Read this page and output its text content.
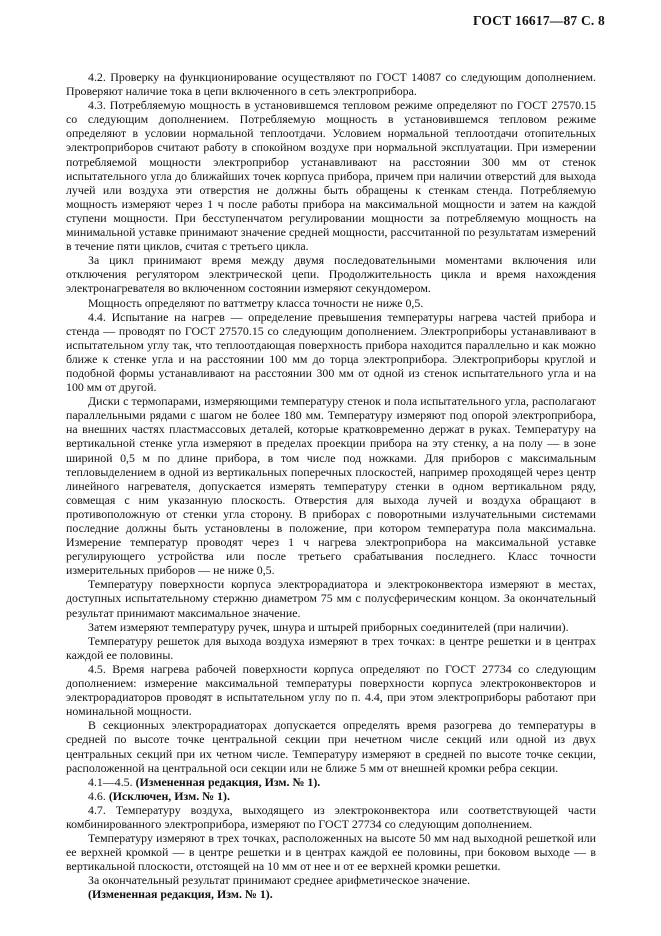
ГОСТ 16617—87 С. 8

4.2. Проверку на функционирование осуществляют по ГОСТ 14087 со следующим дополнением. Проверяют наличие тока в цепи включенного в сеть электроприбора.

4.3. Потребляемую мощность в установившемся тепловом режиме определяют по ГОСТ 27570.15 со следующим дополнением. Потребляемую мощность в установившемся тепловом режиме определяют в условии нормальной теплоотдачи. Условием нормальной теплоотдачи отопительных электроприборов считают работу в спокойном воздухе при нормальной эксплуатации. При измерении потребляемой мощности электроприбор устанавливают на расстоянии 300 мм от стенок испытательного угла до ближайших точек корпуса прибора, причем при наличии отверстий для выхода лучей или воздуха эти отверстия не должны быть обращены к стенкам стенда. Потребляемую мощность измеряют через 1 ч после работы прибора на максимальной мощности и затем на каждой ступени мощности. При бесступенчатом регулировании мощности за потребляемую мощность на минимальной уставке принимают значение средней мощности, рассчитанной по результатам измерений в течение пяти циклов, считая с третьего цикла.

За цикл принимают время между двумя последовательными моментами включения или отключения регулятором электрической цепи. Продолжительность цикла и время нахождения электронагревателя во включенном состоянии измеряют секундомером.

Мощность определяют по ваттметру класса точности не ниже 0,5.

4.4. Испытание на нагрев — определение превышения температуры нагрева частей прибора и стенда — проводят по ГОСТ 27570.15 со следующим дополнением. Электроприборы устанавливают в испытательном углу так, что теплоотдающая поверхность прибора находится параллельно и как можно ближе к стенке угла и на расстоянии 100 мм до торца электроприбора. Электроприборы круглой и подобной формы устанавливают на расстоянии 300 мм от одной из стенок испытательного угла и на 100 мм от другой.

Диски с термопарами, измеряющими температуру стенок и пола испытательного угла, располагают параллельными рядами с шагом не более 180 мм. Температуру измеряют под опорой электроприбора, на внешних частях пластмассовых деталей, которые кратковременно держат в руках. Температуру на вертикальной стенке угла измеряют в пределах проекции прибора на эту стенку, а на полу — в зоне шириной 0,5 м по длине прибора, в том числе под ножками. Для приборов с максимальным тепловыделением в одной из вертикальных поперечных плоскостей, например проходящей через центр линейного нагревателя, допускается измерять температуру стенки в одном вертикальном ряду, совмещая с ним указанную плоскость. Отверстия для выхода лучей и воздуха обращают в противоположную от стенки угла сторону. В приборах с поворотными излучательными системами последние должны быть установлены в положение, при котором температура пола максимальна. Измерение температур проводят через 1 ч нагрева электроприбора на максимальной уставке регулирующего устройства или после третьего срабатывания последнего. Класс точности измерительных приборов — не ниже 0,5.

Температуру поверхности корпуса электрорадиатора и электроконвектора измеряют в местах, доступных испытательному стержню диаметром 75 мм с полусферическим концом. За окончательный результат принимают максимальное значение.

Затем измеряют температуру ручек, шнура и штырей приборных соединителей (при наличии).

Температуру решеток для выхода воздуха измеряют в трех точках: в центре решетки и в центрах каждой ее половины.

4.5. Время нагрева рабочей поверхности корпуса определяют по ГОСТ 27734 со следующим дополнением: измерение максимальной температуры поверхности корпуса электроконвекторов и электрорадиаторов проводят в испытательном углу по п. 4.4, при этом электроприборы работают при номинальной мощности.

В секционных электрорадиаторах допускается определять время разогрева до температуры в средней по высоте точке центральной секции при нечетном числе секций или одной из двух центральных секций при их четном числе. Температуру измеряют в средней по высоте точке секции, расположенной на центральной оси секции или не ближе 5 мм от внешней кромки ребра секции.

4.1—4.5. (Измененная редакция, Изм. № 1).

4.6. (Исключен, Изм. № 1).

4.7. Температуру воздуха, выходящего из электроконвектора или соответствующей части комбинированного электроприбора, измеряют по ГОСТ 27734 со следующим дополнением.

Температуру измеряют в трех точках, расположенных на высоте 50 мм над выходной решеткой или ее верхней кромкой — в центре решетки и в центрах каждой ее половины, при боковом выходе — в вертикальной плоскости, отстоящей на 10 мм от нее и от ее верхней кромки решетки.

За окончательный результат принимают среднее арифметическое значение.

(Измененная редакция, Изм. № 1).
